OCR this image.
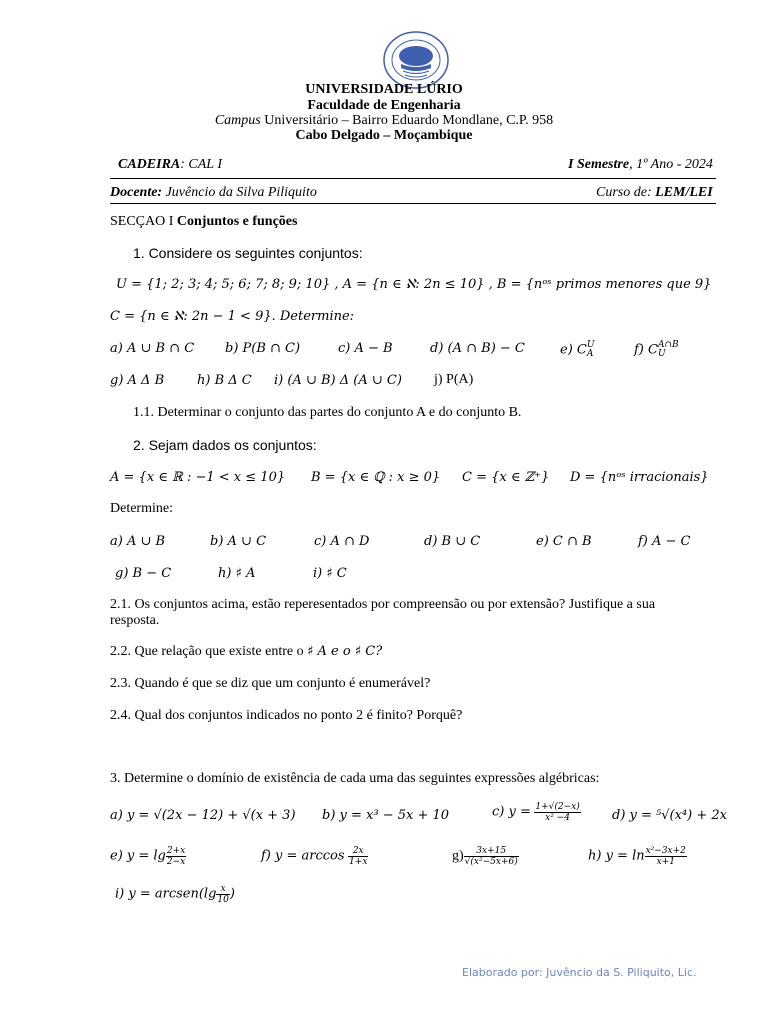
UNIVERSIDADE LÚRIO
Faculdade de Engenharia
Campus Universitário – Bairro Eduardo Mondlane, C.P. 958
Cabo Delgado – Moçambique
CADEIRA: CAL I	I Semestre, 1º Ano - 2024
Docente: Juvêncio da Silva Piliquito	Curso de: LEM/LEI
SECÇAO I Conjuntos e funções
1. Considere os seguintes conjuntos:
U = {1; 2; 3; 4; 5; 6; 7; 8; 9; 10} , A = {n ∈ ℵ: 2n ≤ 10} , B = {nᵒˢ primos menores que 9}
C = {n ∈ ℵ: 2n − 1 < 9}. Determine:
a) A ∪ B ∩ C b) P(B ∩ C)	c) A − B	d) (A ∩ B) − C	e) C U
A	f) C A∩B
U
g) A Δ B	h) B Δ C i) (A ∪ B) Δ (A ∪ C) j) P(A)
1.1. Determinar o conjunto das partes do conjunto A e do conjunto B.
2. Sejam dados os conjuntos:
A = {x ∈ ℝ : −1 < x ≤ 10} B = {x ∈ ℚ : x ≥ 0} C = {x ∈ ℤ⁺} D = {nᵒˢ irracionais}
Determine:
a) A ∪ B	b) A ∪ C	c) A ∩ D	d) B ∪ C	e) C ∩ B	f) A − C
g) B − C	h) ♯ A	i) ♯ C
2.1. Os conjuntos acima, estão reperesentados por compreensão ou por extensão? Justifique a sua
resposta.
2.2. Que relação que existe entre o ♯ A e o ♯ C?
2.3. Quando é que se diz que um conjunto é enumerável?
2.4. Qual dos conjuntos indicados no ponto 2 é finito? Porquê?
3. Determine o domínio de existência de cada uma das seguintes expressões algébricas:
a) y = √(2x − 12) + √(x + 3) b) y = x³ − 5x + 10	c) $y = \frac{1+√(2-x)}{\text{x² −4}} d$) y = ⁵√(x⁴) + 2x
e) $y = \lg \frac{2+x}{2-x}$	f) $y = \arccos \frac{2x}{1+x}$	$g) \frac{3x+15}{\text{√(x²−5x+6)}}$	h) $y = \ln \frac{\text{x²−3x+2}}{x+1}$
i) y = arcsen(lg $\frac{x}{10}$ )
Elaborado por: Juvêncio da S. Piliquito, Lic.
